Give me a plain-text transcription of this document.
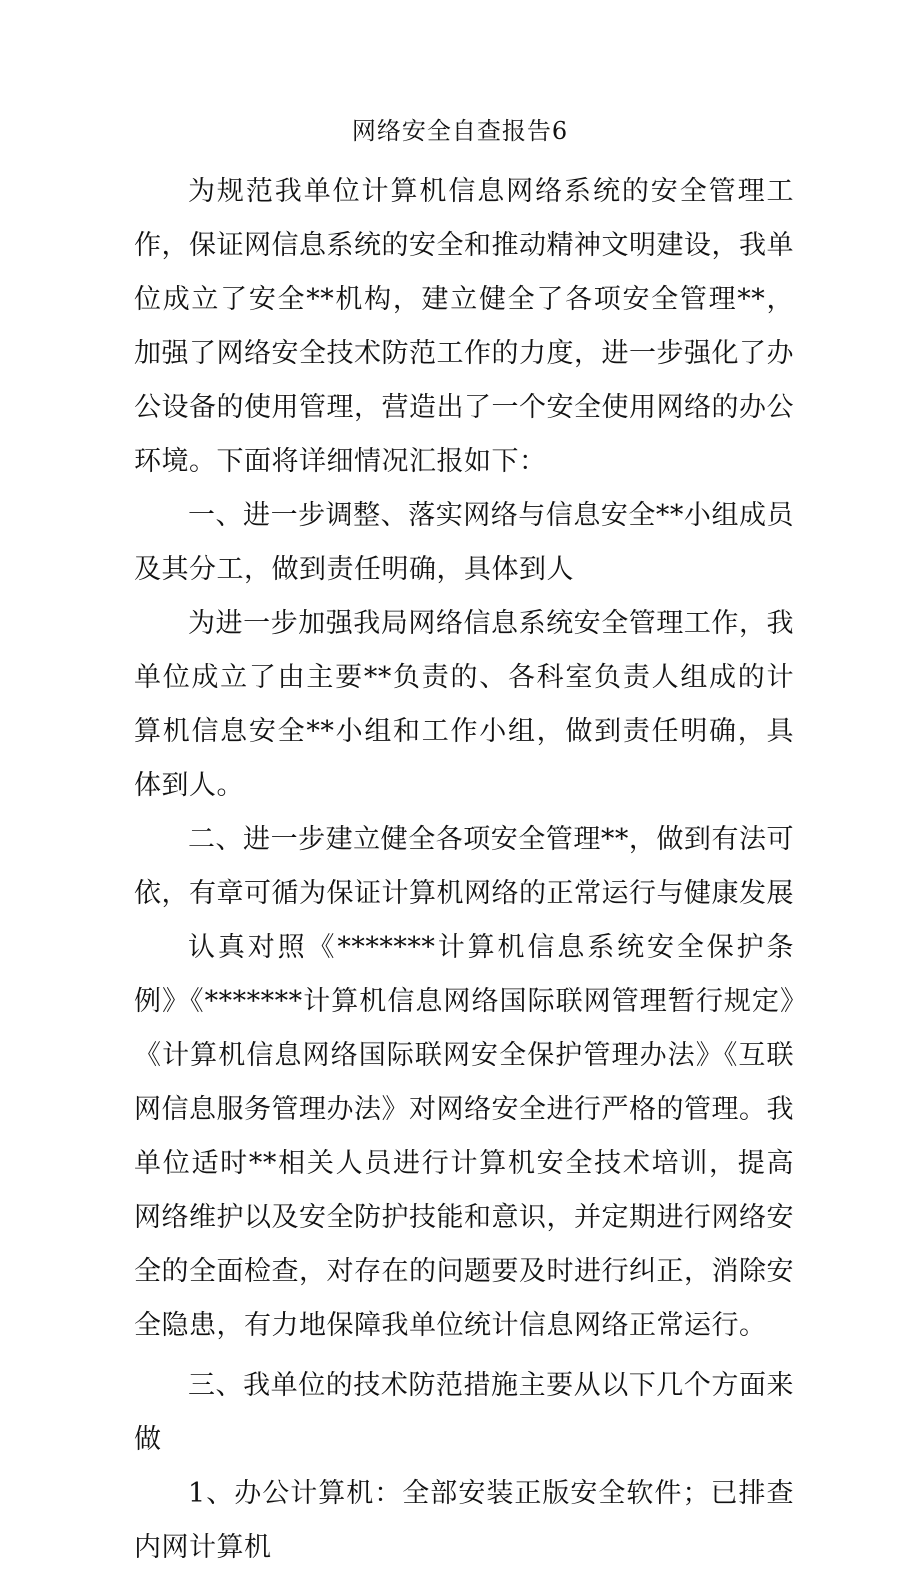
网络安全自查报告6

为规范我单位计算机信息网络系统的安全管理工作，保证网信息系统的安全和推动精神文明建设，我单位成立了安全**机构，建立健全了各项安全管理**，加强了网络安全技术防范工作的力度，进一步强化了办公设备的使用管理，营造出了一个安全使用网络的办公环境。下面将详细情况汇报如下：

一、进一步调整、落实网络与信息安全**小组成员及其分工，做到责任明确，具体到人

为进一步加强我局网络信息系统安全管理工作，我单位成立了由主要**负责的、各科室负责人组成的计算机信息安全**小组和工作小组，做到责任明确，具体到人。

二、进一步建立健全各项安全管理**，做到有法可依，有章可循为保证计算机网络的正常运行与健康发展

认真对照《*******计算机信息系统安全保护条例》《*******计算机信息网络国际联网管理暂行规定》《计算机信息网络国际联网安全保护管理办法》《互联网信息服务管理办法》对网络安全进行严格的管理。我单位适时**相关人员进行计算机安全技术培训，提高网络维护以及安全防护技能和意识，并定期进行网络安全的全面检查，对存在的问题要及时进行纠正，消除安全隐患，有力地保障我单位统计信息网络正常运行。

三、我单位的技术防范措施主要从以下几个方面来做

1、办公计算机：全部安装正版安全软件；已排查内网计算机
